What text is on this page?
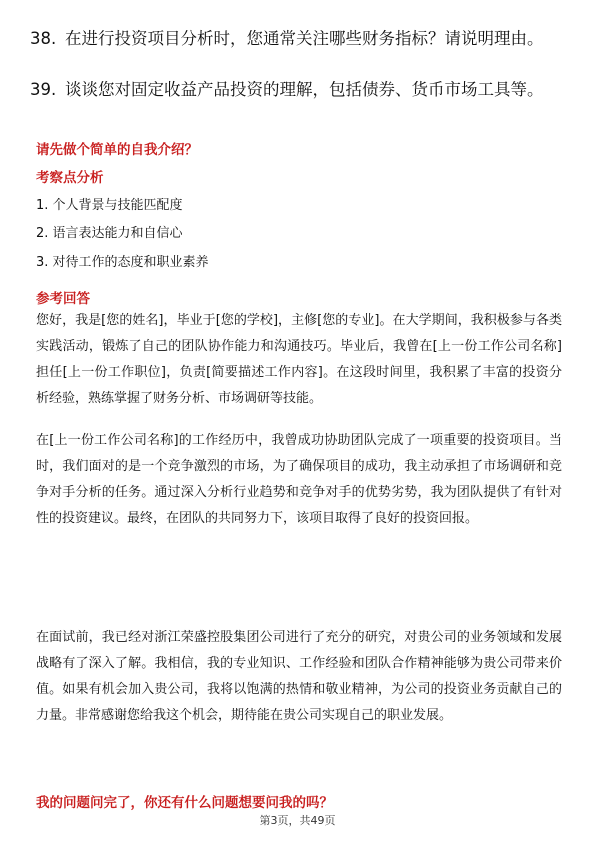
38. 在进行投资项目分析时，您通常关注哪些财务指标？请说明理由。
39. 谈谈您对固定收益产品投资的理解，包括债券、货币市场工具等。
请先做个简单的自我介绍？
考察点分析
1. 个人背景与技能匹配度
2. 语言表达能力和自信心
3. 对待工作的态度和职业素养
参考回答

您好，我是[您的姓名]，毕业于[您的学校]，主修[您的专业]。在大学期间，我积极参与各类实践活动，锻炼了自己的团队协作能力和沟通技巧。毕业后，我曾在[上一份工作公司名称]担任[上一份工作职位]，负责[简要描述工作内容]。在这段时间里，我积累了丰富的投资分析经验，熟练掌握了财务分析、市场调研等技能。

在[上一份工作公司名称]的工作经历中，我曾成功协助团队完成了一项重要的投资项目。当时，我们面对的是一个竞争激烈的市场，为了确保项目的成功，我主动承担了市场调研和竞争对手分析的任务。通过深入分析行业趋势和竞争对手的优势劣势，我为团队提供了有针对性的投资建议。最终，在团队的共同努力下，该项目取得了良好的投资回报。

在面试前，我已经对浙江荣盛控股集团公司进行了充分的研究，对贵公司的业务领域和发展战略有了深入了解。我相信，我的专业知识、工作经验和团队合作精神能够为贵公司带来价值。如果有机会加入贵公司，我将以饱满的热情和敬业精神，为公司的投资业务贡献自己的力量。非常感谢您给我这个机会，期待能在贵公司实现自己的职业发展。

我的问题问完了，你还有什么问题想要问我的吗？
第3页，共49页
